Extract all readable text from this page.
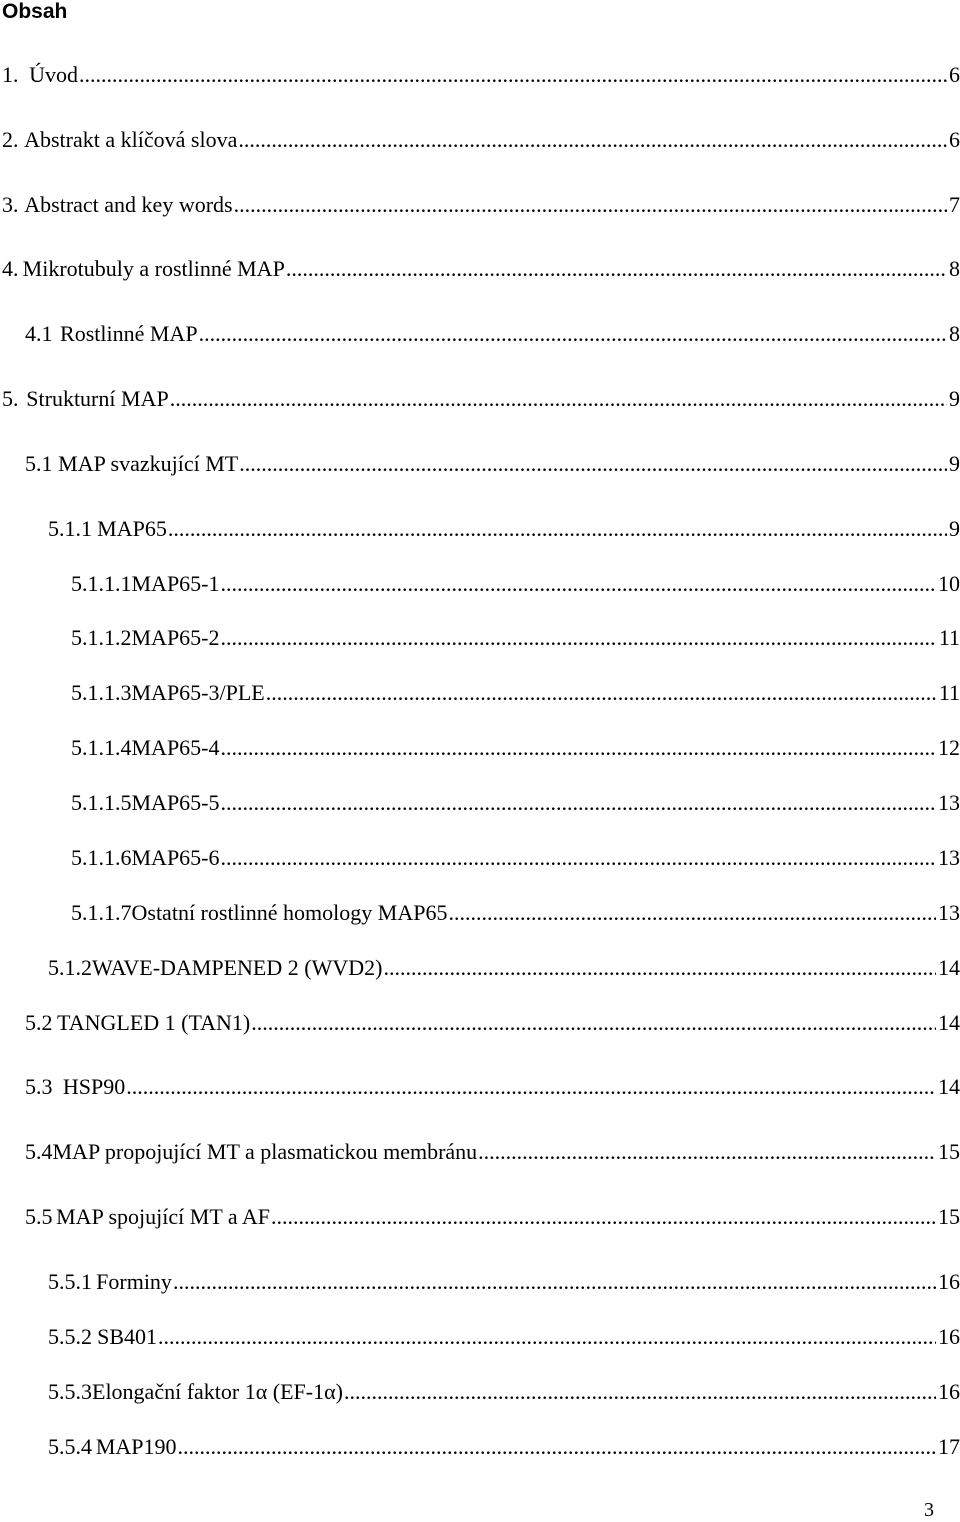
Obsah
1. Úvod .....	6
2. Abstrakt a klíčová slova .....	6
3. Abstract and key words .....	7
4. Mikrotubuly a rostlinné MAP .....	8
4.1 Rostlinné MAP .....	8
5. Strukturní MAP .....	9
5.1 MAP svazkující MT .....	9
5.1.1 MAP65 .....	9
5.1.1.1 MAP65-1 .....	10
5.1.1.2 MAP65-2 .....	11
5.1.1.3 MAP65-3/PLE .....	11
5.1.1.4 MAP65-4 .....	12
5.1.1.5 MAP65-5 .....	13
5.1.1.6 MAP65-6 .....	13
5.1.1.7 Ostatní rostlinné homology MAP65 .....	13
5.1.2 WAVE-DAMPENED 2 (WVD2) .....	14
5.2 TANGLED 1 (TAN1) .....	14
5.3 HSP90 .....	14
5.4 MAP propojující MT a plasmatickou membránu .....	15
5.5 MAP spojující MT a AF .....	15
5.5.1 Forminy .....	16
5.5.2 SB401 .....	16
5.5.3 Elongační faktor 1α (EF-1α) .....	16
5.5.4 MAP190 .....	17
3
